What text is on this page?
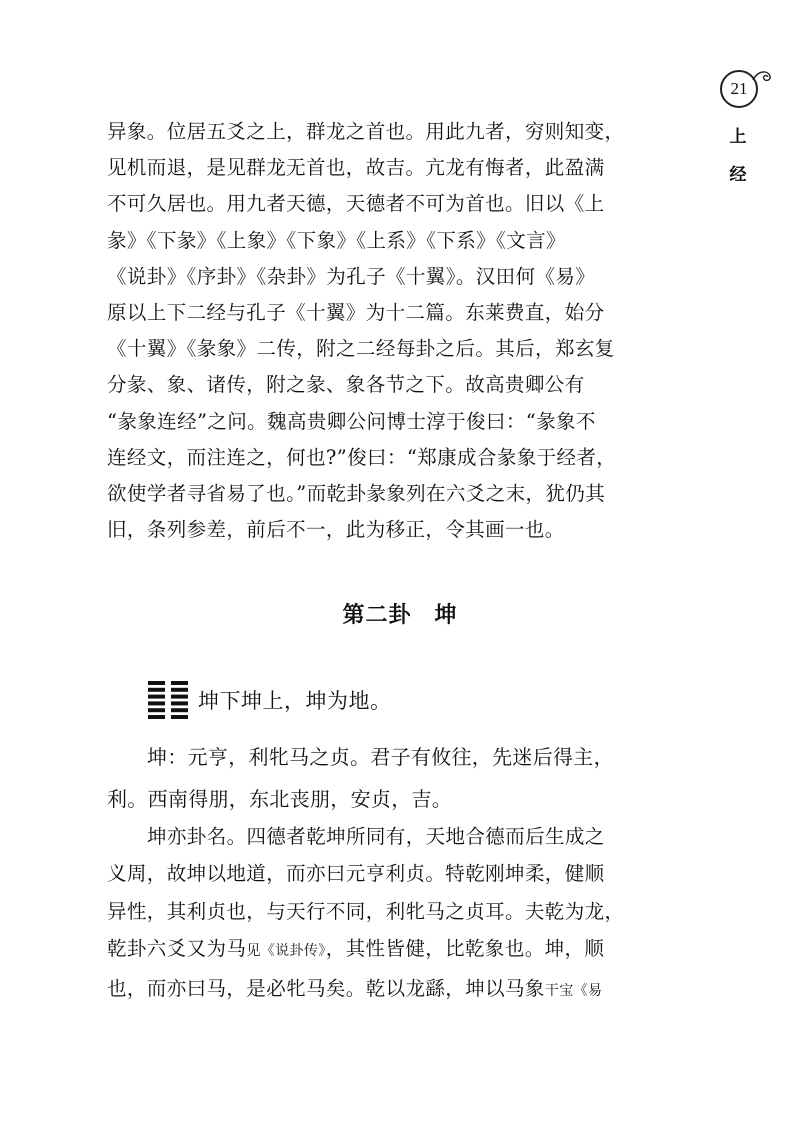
21
上
经
异象。位居五爻之上，群龙之首也。用此九者，穷则知变，
见机而退，是见群龙无首也，故吉。亢龙有悔者，此盈满
不可久居也。用九者天德，天德者不可为首也。旧以《上
彖》《下彖》《上象》《下象》《上系》《下系》《文言》
《说卦》《序卦》《杂卦》为孔子《十翼》。汉田何《易》
原以上下二经与孔子《十翼》为十二篇。东莱费直，始分
《十翼》《彖象》二传，附之二经每卦之后。其后，郑玄复
分彖、象、诸传，附之彖、象各节之下。故高贵卿公有
“彖象连经”之问。魏高贵卿公问博士淳于俊曰：“彖象不
连经文，而注连之，何也?”俊曰：“郑康成合彖象于经者，
欲使学者寻省易了也。”而乾卦彖象列在六爻之末，犹仍其
旧，条列参差，前后不一，此为移正，令其画一也。
第二卦　坤
坤下坤上，坤为地。
坤：元亨，利牝马之贞。君子有攸往，先迷后得主，
利。西南得朋，东北丧朋，安贞，吉。
坤亦卦名。四德者乾坤所同有，天地合德而后生成之
义周，故坤以地道，而亦曰元亨利贞。特乾刚坤柔，健顺
异性，其利贞也，与天行不同，利牝马之贞耳。夫乾为龙，
乾卦六爻又为马见《说卦传》，其性皆健，比乾象也。坤，顺
也，而亦曰马，是必牝马矣。乾以龙繇，坤以马象干宝《易
